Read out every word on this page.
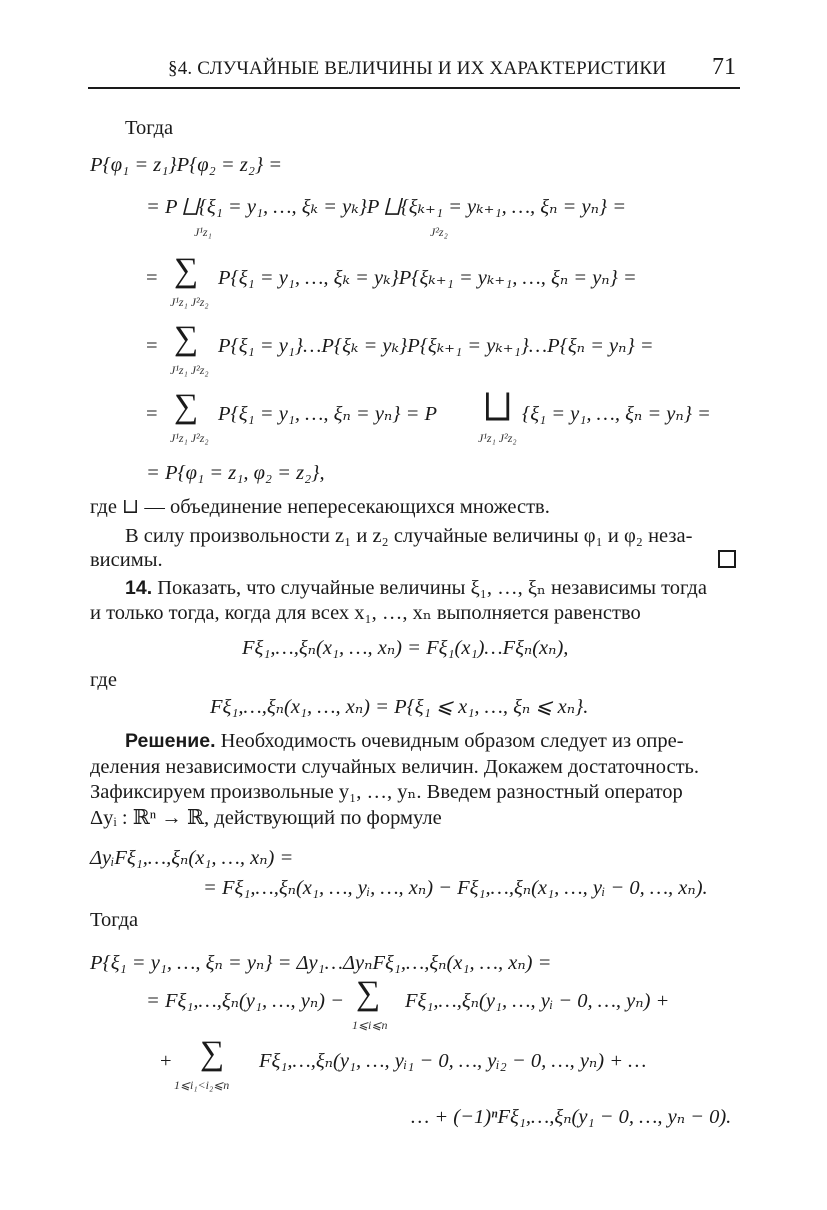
§4. СЛУЧАЙНЫЕ ВЕЛИЧИНЫ И ИХ ХАРАКТЕРИСТИКИ 71
Тогда
P{φ₁ = z₁}P{φ₂ = z₂} =
= P ⨆{ξ₁ = y₁, …, ξₖ = yₖ}P ⨆{ξₖ₊₁ = yₖ₊₁, …, ξₙ = yₙ} =
J¹z₁	J²z₂
= ∑
J¹z₁ J²z₂
P{ξ₁ = y₁, …, ξₖ = yₖ}P{ξₖ₊₁ = yₖ₊₁, …, ξₙ = yₙ} =
= ∑
J¹z₁ J²z₂
P{ξ₁ = y₁}…P{ξₖ = yₖ}P{ξₖ₊₁ = yₖ₊₁}…P{ξₙ = yₙ} =
= ∑
J¹z₁ J²z₂
P{ξ₁ = y₁, …, ξₙ = yₙ} = P ⨆
J¹z₁ J²z₂
{ξ₁ = y₁, …, ξₙ = yₙ} =
= P{φ₁ = z₁, φ₂ = z₂},
где ⊔ — объединение непересекающихся множеств.
В силу произвольности z₁ и z₂ случайные величины φ₁ и φ₂ неза-
висимы.
14. Показать, что случайные величины ξ₁, …, ξₙ независимы тогда
и только тогда, когда для всех x₁, …, xₙ выполняется равенство
Fξ₁,…,ξₙ(x₁, …, xₙ) = Fξ₁(x₁)…Fξₙ(xₙ),
где
Fξ₁,…,ξₙ(x₁, …, xₙ) = P{ξ₁ ⩽ x₁, …, ξₙ ⩽ xₙ}.
Решение. Необходимость очевидным образом следует из опре-
деления независимости случайных величин. Докажем достаточность.
Зафиксируем произвольные y₁, …, yₙ. Введем разностный оператор
Δyᵢ : ℝⁿ → ℝ, действующий по формуле
ΔyᵢFξ₁,…,ξₙ(x₁, …, xₙ) =
= Fξ₁,…,ξₙ(x₁, …, yᵢ, …, xₙ) − Fξ₁,…,ξₙ(x₁, …, yᵢ − 0, …, xₙ).
Тогда
P{ξ₁ = y₁, …, ξₙ = yₙ} = Δy₁…ΔyₙFξ₁,…,ξₙ(x₁, …, xₙ) =
= Fξ₁,…,ξₙ(y₁, …, yₙ) − ∑
1⩽i⩽n
Fξ₁,…,ξₙ(y₁, …, yᵢ − 0, …, yₙ) +
+ ∑
1⩽i₁<i₂⩽n
Fξ₁,…,ξₙ(y₁, …, yᵢ₁ − 0, …, yᵢ₂ − 0, …, yₙ) + …
… + (−1)ⁿFξ₁,…,ξₙ(y₁ − 0, …, yₙ − 0).
